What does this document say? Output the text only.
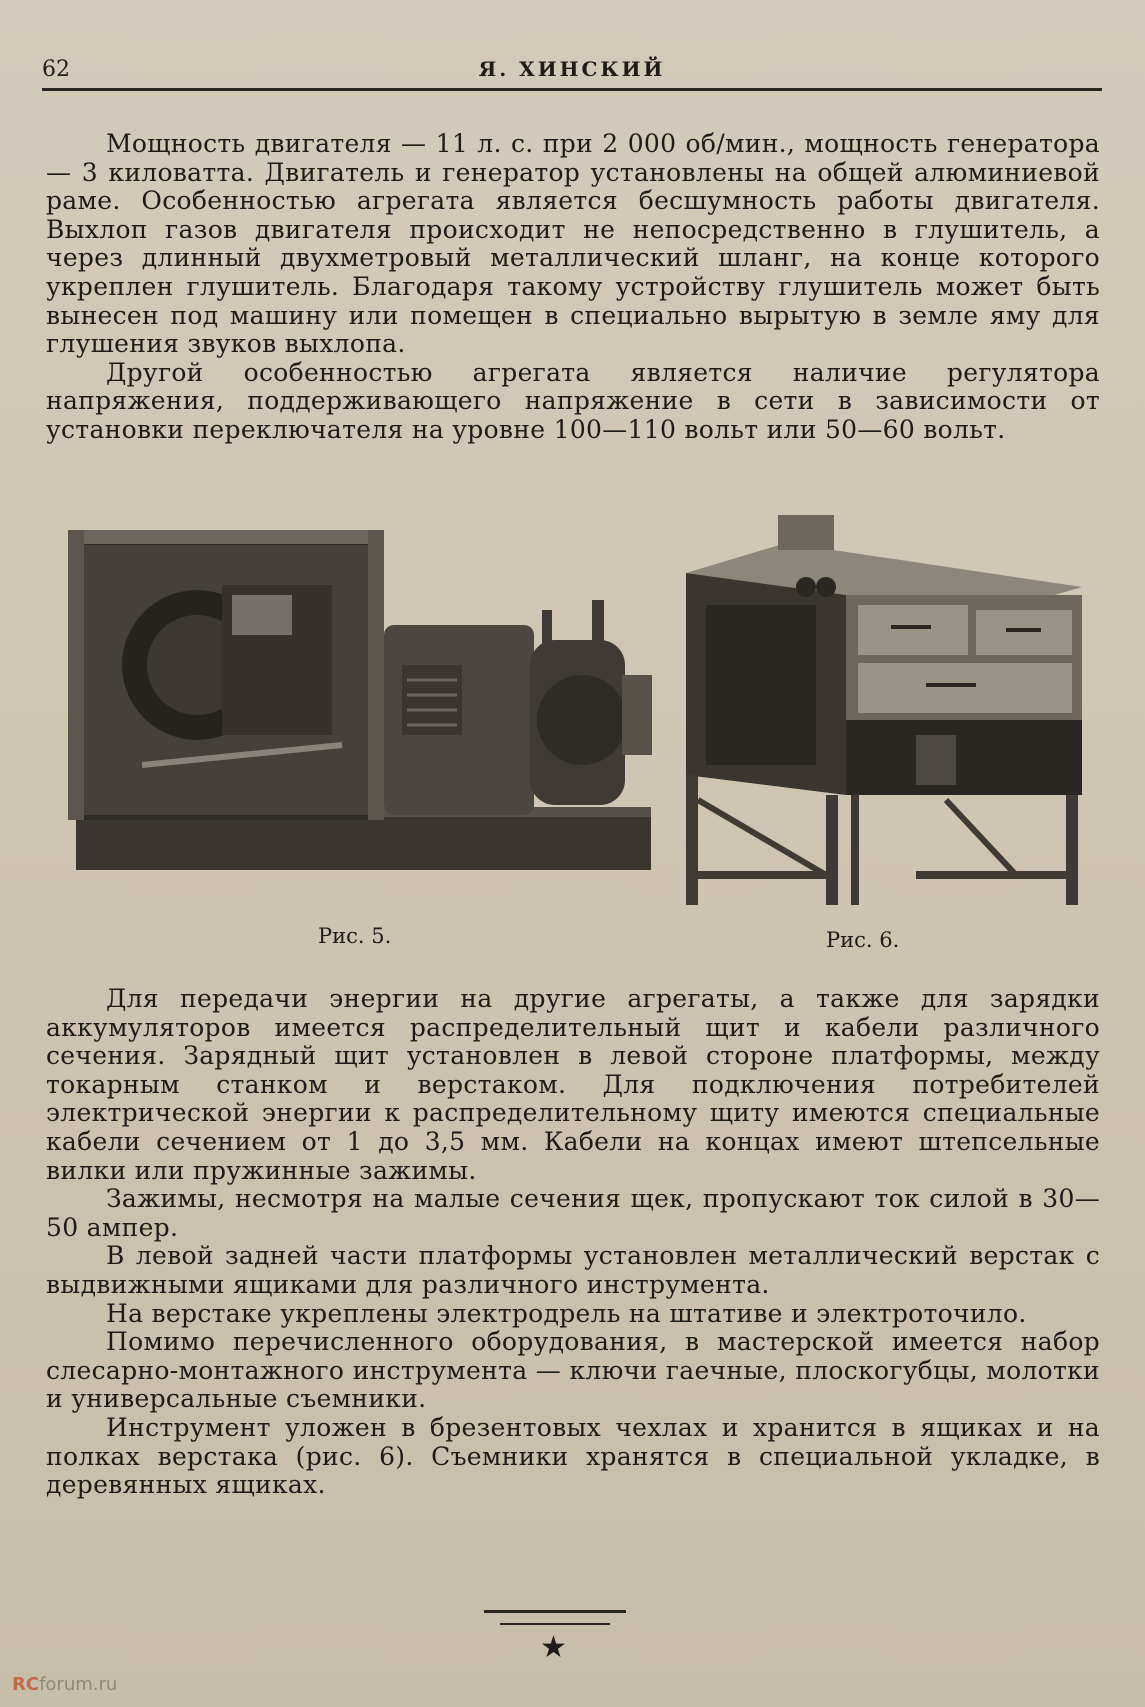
62	Я. ХИНСКИЙ

Мощность двигателя — 11 л. с. при 2 000 об/мин., мощность генератора — 3 киловатта. Двигатель и генератор установлены на общей алюминиевой раме. Особенностью агрегата является бесшумность работы двигателя. Выхлоп газов двигателя происходит не непосредственно в глушитель, а через длинный двухметровый металлический шланг, на конце которого укреплен глушитель. Благодаря такому устройству глушитель может быть вынесен под машину или помещен в специально вырытую в земле яму для глушения звуков выхлопа.

Другой особенностью агрегата является наличие регулятора напряжения, поддерживающего напряжение в сети в зависимости от установки переключателя на уровне 100—110 вольт или 50—60 вольт.

Рис. 5.	Рис. 6.

Для передачи энергии на другие агрегаты, а также для зарядки аккумуляторов имеется распределительный щит и кабели различного сечения. Зарядный щит установлен в левой стороне платформы, между токарным станком и верстаком. Для подключения потребителей электрической энергии к распределительному щиту имеются специальные кабели сечением от 1 до 3,5 мм. Кабели на концах имеют штепсельные вилки или пружинные зажимы.

Зажимы, несмотря на малые сечения щек, пропускают ток силой в 30—50 ампер.

В левой задней части платформы установлен металлический верстак с выдвижными ящиками для различного инструмента.

На верстаке укреплены электродрель на штативе и электроточило.

Помимо перечисленного оборудования, в мастерской имеется набор слесарно-монтажного инструмента — ключи гаечные, плоскогубцы, молотки и универсальные съемники.

Инструмент уложен в брезентовых чехлах и хранится в ящиках и на полках верстака (рис. 6). Съемники хранятся в специальной укладке, в деревянных ящиках.

★
RCforum.ru
